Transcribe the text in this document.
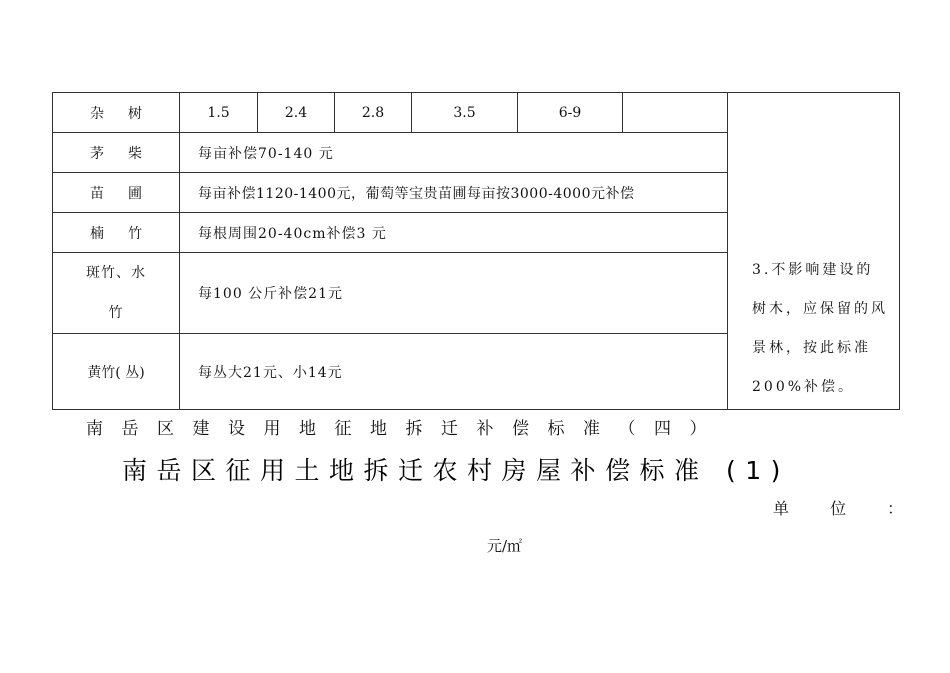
杂 树	1.5	2.4	2.8	3.5	6-9		3.不影响建设的树木，应保留的风景林，按此标准200%补偿。

茅 柴	每亩补偿70-140 元						

苗 圃	每亩补偿1120-1400元，葡萄等宝贵苗圃每亩按3000-4000元补偿						

楠 竹	每根周围20-40cm补偿3 元						

斑竹、水
竹	每100 公斤补偿21元						
黄竹( 丛)	每丛大21元、小14元						
南岳区建设用地征地拆迁补偿标准（四）
南岳区征用土地拆迁农村房屋补偿标准 (1)
单 位 ：
元/㎡
